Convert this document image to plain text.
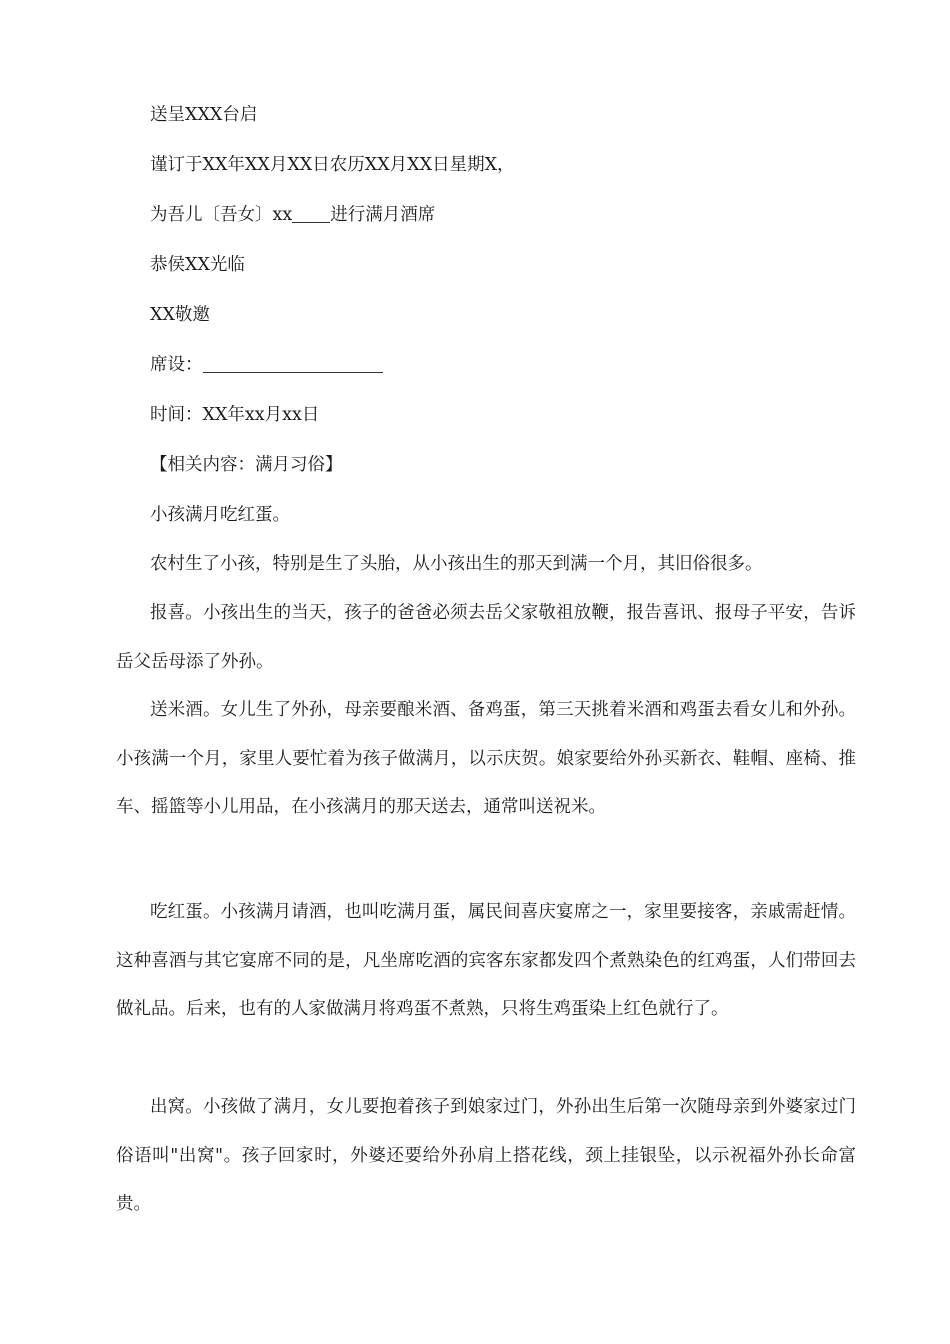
送呈XXX台启
谨订于XX年XX月XX日农历XX月XX日星期X，
为吾儿〔吾女〕xx 进行满月酒席
恭侯XX光临
XX敬邀
席设：
时间：XX年xx月xx日
【相关内容：满月习俗】
小孩满月吃红蛋。
农村生了小孩，特别是生了头胎，从小孩出生的那天到满一个月，其旧俗很多。
报喜。小孩出生的当天，孩子的爸爸必须去岳父家敬祖放鞭，报告喜讯、报母子平安，告诉岳父岳母添了外孙。
送米酒。女儿生了外孙，母亲要酿米酒、备鸡蛋，第三天挑着米酒和鸡蛋去看女儿和外孙。小孩满一个月，家里人要忙着为孩子做满月，以示庆贺。娘家要给外孙买新衣、鞋帽、座椅、推车、摇篮等小儿用品，在小孩满月的那天送去，通常叫送祝米。
吃红蛋。小孩满月请酒，也叫吃满月蛋，属民间喜庆宴席之一，家里要接客，亲戚需赶情。这种喜酒与其它宴席不同的是，凡坐席吃酒的宾客东家都发四个煮熟染色的红鸡蛋，人们带回去做礼品。后来，也有的人家做满月将鸡蛋不煮熟，只将生鸡蛋染上红色就行了。
出窝。小孩做了满月，女儿要抱着孩子到娘家过门，外孙出生后第一次随母亲到外婆家过门俗语叫"出窝"。孩子回家时，外婆还要给外孙肩上搭花线，颈上挂银坠，以示祝福外孙长命富贵。
